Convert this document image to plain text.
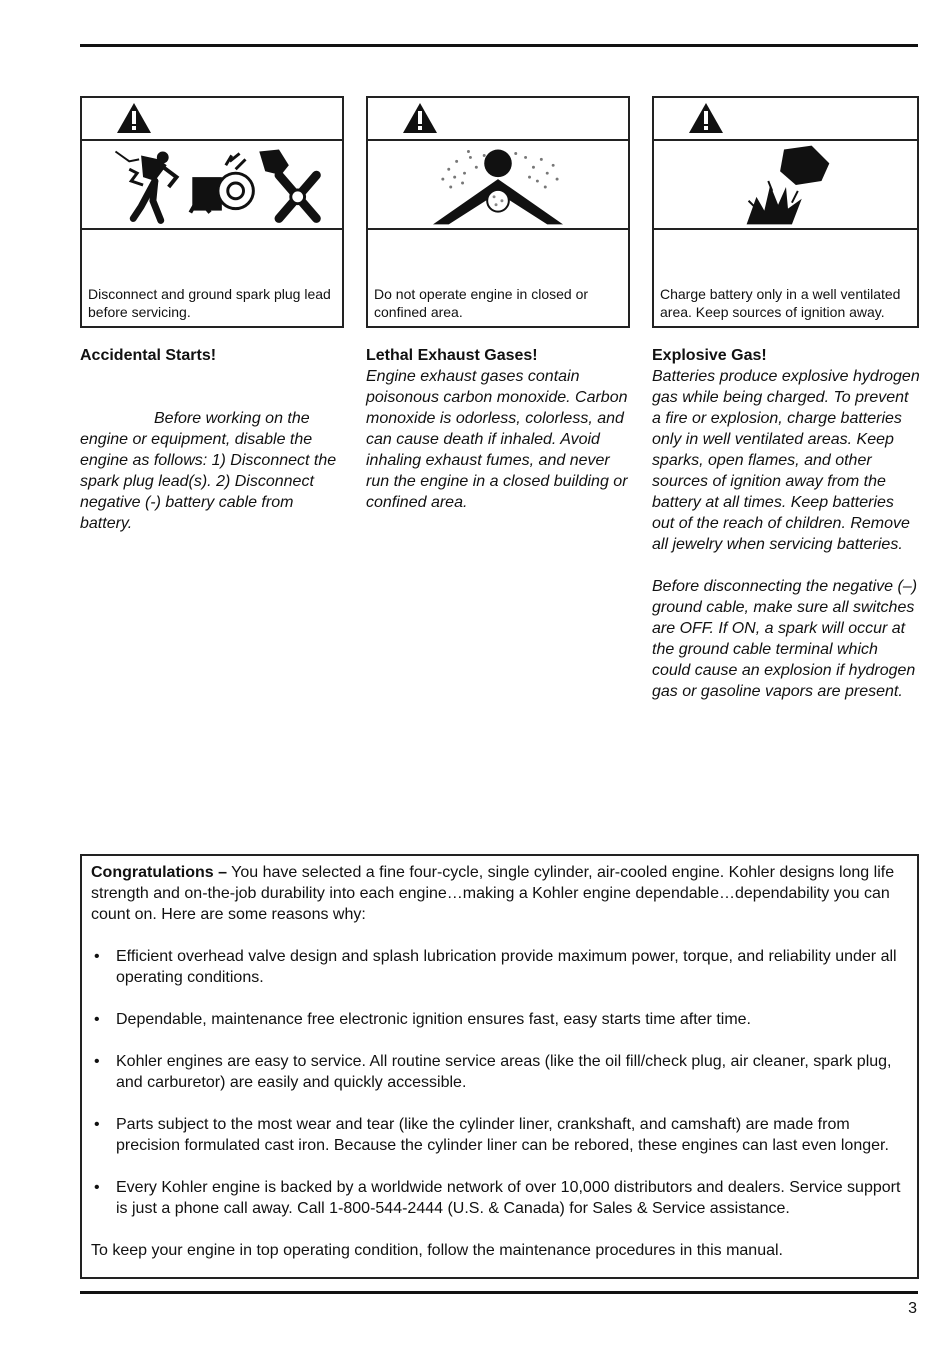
Disconnect and ground spark plug lead before servicing.
Do not operate engine in closed or confined area.
Charge battery only in a well ventilated area. Keep sources of ignition away.
Accidental Starts!
Before working on the engine or equipment, disable the engine as follows: 1) Disconnect the spark plug lead(s). 2) Disconnect negative (-) battery cable from battery.
Lethal Exhaust Gases!
Engine exhaust gases contain poisonous carbon monoxide. Carbon monoxide is odorless, colorless, and can cause death if inhaled. Avoid inhaling exhaust fumes, and never run the engine in a closed building or confined area.
Explosive Gas!
Batteries produce explosive hydrogen gas while being charged. To prevent a fire or explosion, charge batteries only in well ventilated areas. Keep sparks, open flames, and other sources of ignition away from the battery at all times. Keep batteries out of the reach of children. Remove all jewelry when servicing batteries.
Before disconnecting the negative (–) ground cable, make sure all switches are OFF. If ON, a spark will occur at the ground cable terminal which could cause an explosion if hydrogen gas or gasoline vapors are present.

Congratulations – You have selected a fine four-cycle, single cylinder, air-cooled engine. Kohler designs long life strength and on-the-job durability into each engine…making a Kohler engine dependable…dependability you can count on. Here are some reasons why:

• Efficient overhead valve design and splash lubrication provide maximum power, torque, and reliability under all operating conditions.
• Dependable, maintenance free electronic ignition ensures fast, easy starts time after time.
• Kohler engines are easy to service. All routine service areas (like the oil fill/check plug, air cleaner, spark plug, and carburetor) are easily and quickly accessible.
• Parts subject to the most wear and tear (like the cylinder liner, crankshaft, and camshaft) are made from precision formulated cast iron. Because the cylinder liner can be rebored, these engines can last even longer.
• Every Kohler engine is backed by a worldwide network of over 10,000 distributors and dealers. Service support is just a phone call away. Call 1-800-544-2444 (U.S. & Canada) for Sales & Service assistance.

To keep your engine in top operating condition, follow the maintenance procedures in this manual.

3
